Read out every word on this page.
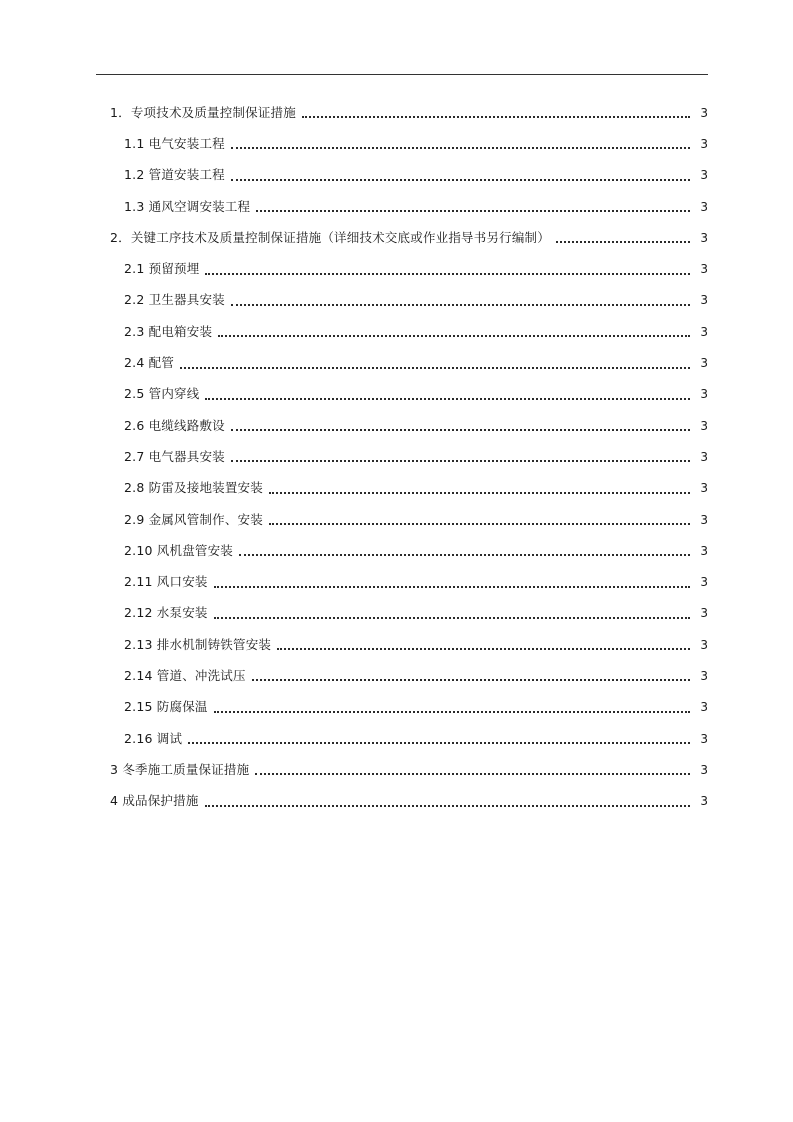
1．专项技术及质量控制保证措施	3
1.1 电气安装工程	3
1.2 管道安装工程	3
1.3 通风空调安装工程	3
2．关键工序技术及质量控制保证措施（详细技术交底或作业指导书另行编制）	3
2.1 预留预埋	3
2.2 卫生器具安装	3
2.3 配电箱安装	3
2.4 配管	3
2.5 管内穿线	3
2.6 电缆线路敷设	3
2.7 电气器具安装	3
2.8 防雷及接地装置安装	3
2.9 金属风管制作、安装	3
2.10 风机盘管安装	3
2.11 风口安装	3
2.12 水泵安装	3
2.13 排水机制铸铁管安装	3
2.14 管道、冲洗试压	3
2.15 防腐保温	3
2.16 调试	3
3 冬季施工质量保证措施	3
4 成品保护措施	3
